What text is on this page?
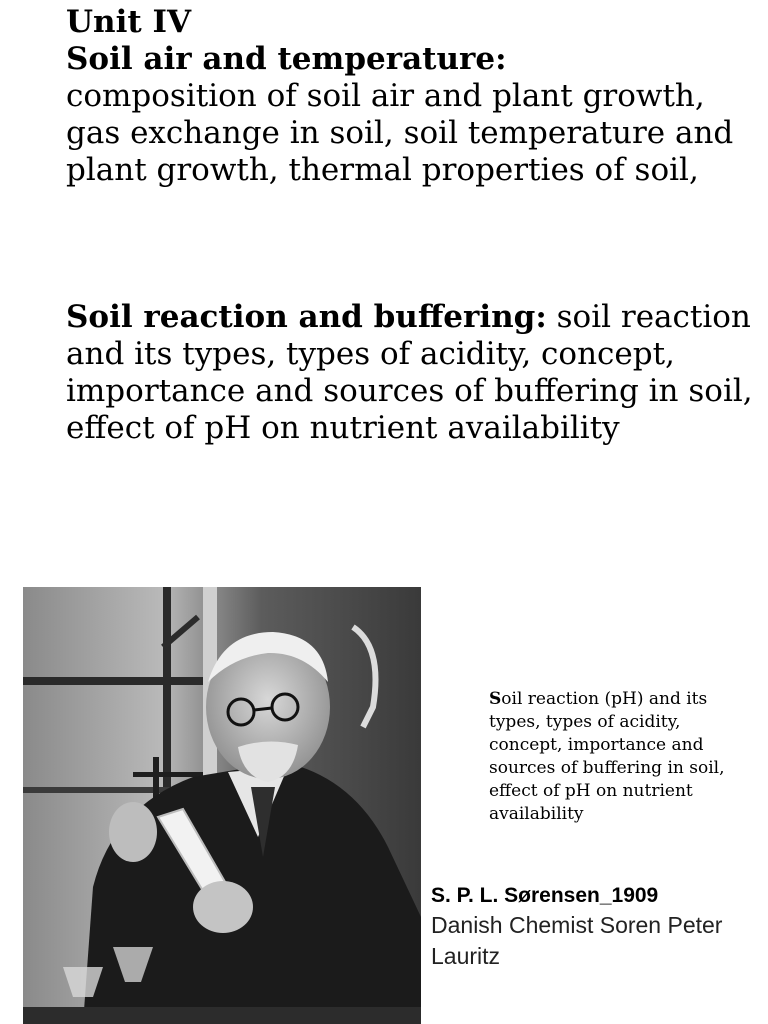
Unit IV
Soil air and temperature:
composition of soil air and plant growth, gas exchange in soil, soil temperature and plant growth, thermal properties of soil,
Soil reaction and buffering: soil reaction and its types, types of acidity, concept, importance and sources of buffering in soil, effect of pH on nutrient availability
Soil reaction (pH) and its types, types of acidity, concept, importance and sources of buffering in soil, effect of pH on nutrient availability
S. P. L. Sørensen_1909
Danish Chemist Soren Peter Lauritz
